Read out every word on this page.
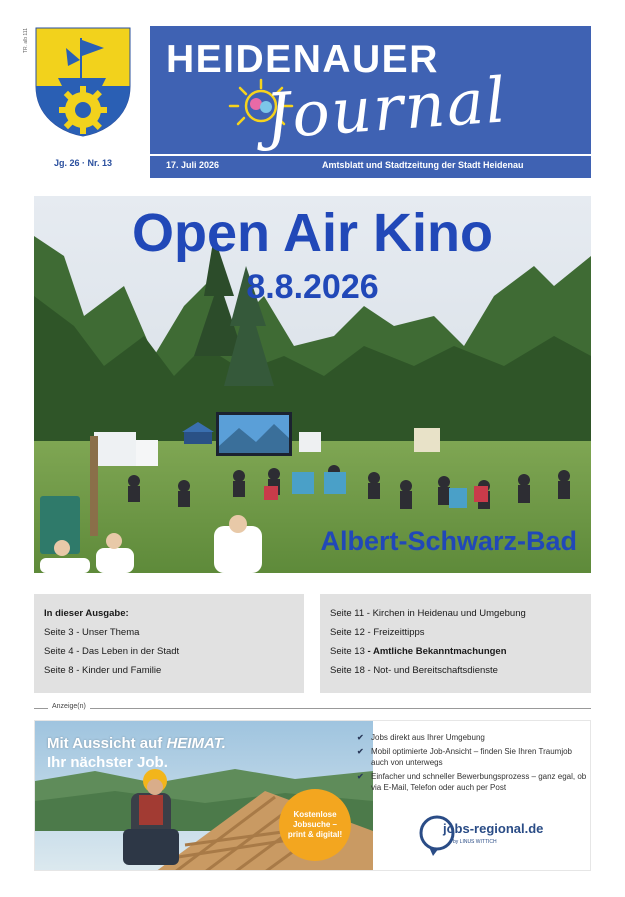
TR. alb 111
Jg. 26 · Nr. 13
HEIDENAUER
Journal
17. Juli 2026	Amtsblatt und Stadtzeitung der Stadt Heidenau
Open Air Kino
8.8.2026
Albert-Schwarz-Bad
In dieser Ausgabe:
Seite 3 - Unser Thema
Seite 4 - Das Leben in der Stadt
Seite 8 - Kinder und Familie
Seite 11 - Kirchen in Heidenau und Umgebung
Seite 12 - Freizeittipps
Seite 13 - Amtliche Bekanntmachungen
Seite 18 - Not- und Bereitschaftsdienste
Anzeige(n)
Mit Aussicht auf HEIMAT.
Ihr nächster Job.
Kostenlose Jobsuche – print & digital!
✔ Jobs direkt aus Ihrer Umgebung
✔ Mobil optimierte Job-Ansicht – finden Sie Ihren Traumjob auch von unterwegs
✔ Einfacher und schneller Bewerbungsprozess – ganz egal, ob via E-Mail, Telefon oder auch per Post
jobs-regional.de
by LINUS WITTICH
